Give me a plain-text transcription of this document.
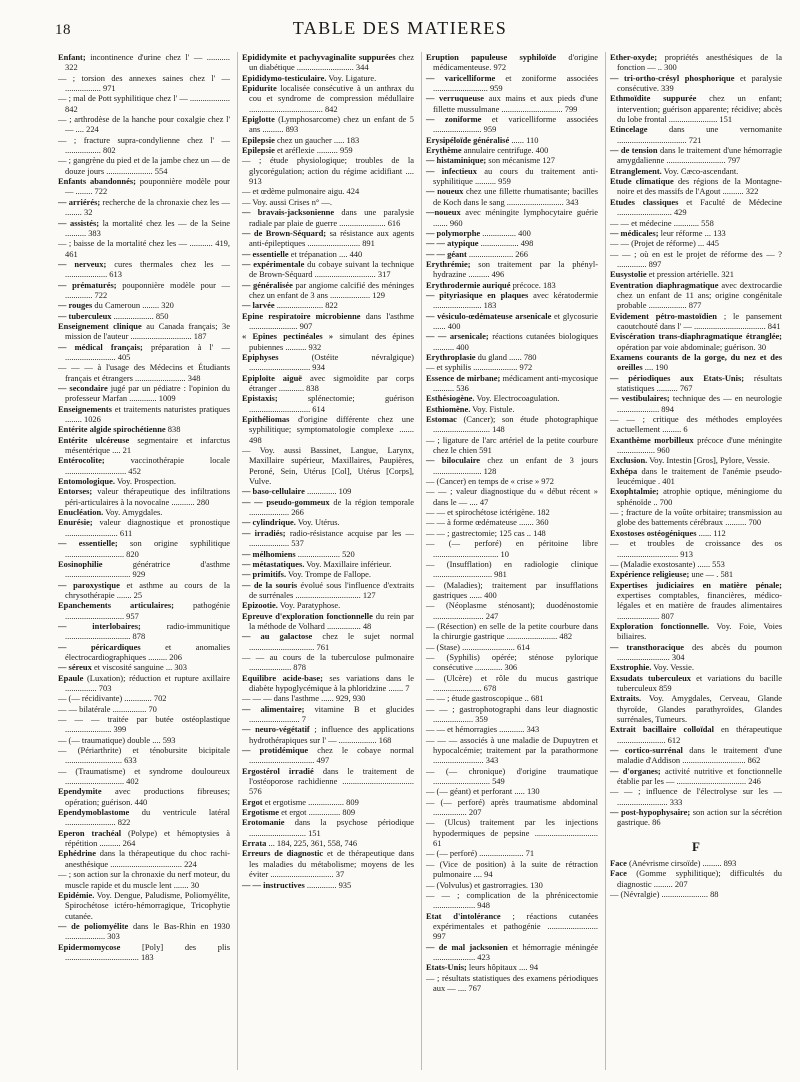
18	TABLE DES MATIERES
Enfant; incontinence d'urine chez l' — ........... 322
— ; torsion des annexes saines chez l' — ................. 971
— ; mal de Pott syphilitique chez l' — ................... 842
— ; arthrodèse de la hanche pour coxalgie chez l' — .... 224
— ; fracture supra-condylienne chez l' — ................. 802
— ; gangrène du pied et de la jambe chez un — de douze jours ...................... 554
Enfants abandonnés; pouponnière modèle pour — ........ 722
— arriérés; recherche de la chronaxie chez les — ........ 32
— assistés; la mortalité chez les — de la Seine .......... 383
— ; baisse de la mortalité chez les — ........... 419, 461
— nerveux; cures thermales chez les — .................... 613
— prématurés; pouponnière modèle pour — ............. 722
— rouges du Cameroun ........ 320
— tuberculeux ................... 850
Enseignement clinique au Canada français; 3e mission de l'auteur ............................. 187
— médical français; préparation à l' — ........................ 405
— — — à l'usage des Médecins et Étudiants français et étrangers ........................ 348
— secondaire jugé par un pédiatre : l'opinion du professeur Marfan ............. 1009
Enseignements et traitements naturistes pratiques ........ 1026
Entérite algide spirochétienne 838
Entérite ulcéreuse segmentaire et infarctus mésentérique .... 21
Entérocolite; vaccinothérapie locale ............................. 452
Entomologique. Voy. Prospection.
Entorses; valeur thérapeutique des infiltrations péri-articulaires à la novocaïne ........... 280
Enucléation. Voy. Amygdales.
Enurésie; valeur diagnostique et pronostique ......................... 611
— essentielle; son origine syphilitique ............................ 820
Eosinophilie génératrice d'asthme ............................... 929
— paroxystique et asthme au cours de la chrysothérapie ....... 25
Epanchements articulaires; pathogénie ............................ 957
— interlobaires; radio-immunitique ............................... 878
— péricardiques et anomalies électrocardiographiques ......... 206
— séreux et viscosité sanguine ... 303
Epaule (Luxation); réduction et rupture axillaire ............... 703
— (— récidivante) ............. 702
— — bilatérale ................ 70
— — — traitée par butée ostéoplastique ...................... 399
— (— traumatique) double .... 593
— (Périarthrite) et ténobursite bicipitale ........................... 633
— (Traumatisme) et syndrome douloureux ............................ 402
Ependymite avec productions fibreuses; opération; guérison. 440
Ependymoblastome du ventricule latéral ........................ 822
Eperon trachéal (Polype) et hémoptysies à répétition .......... 264
Ephédrine dans la thérapeutique du choc rachi-anesthésique .................................. 224
— ; son action sur la chronaxie du nerf moteur, du muscle rapide et du muscle lent ....... 30
Epidémie. Voy. Dengue, Paludisme, Poliomyélite, Spirochétose ictéro-hémorragique, Tricophytie cutanée.
— de poliomyélite dans le Bas-Rhin en 1930 ................... 303
Epidermomycose [Poly] des plis ................................... 183
Epididymite et pachyvaginalite suppurées chez un diabétique ........................... 344
Epididymo-testiculaire. Voy. Ligature.
Epidurite localisée consécutive à un anthrax du cou et syndrome de compression médullaire ................................... 842
Epiglotte (Lymphosarcome) chez un enfant de 5 ans .......... 893
Epilepsie chez un gaucher ..... 183
Epilepsie et aréflexie .......... 959
— ; étude physiologique; troubles de la glycorégulation; action du régime acidifiant .... 913
— et œdème pulmonaire aigu. 424
— Voy. aussi Crises n° —.
— bravais-jacksonienne dans une paralysie radiale par plaie de guerre ...................... 616
— de Brown-Séquard; sa résistance aux agents anti-épileptiques ......................... 891
— essentielle et trépanation .... 440
— expérimentale du cobaye suivant la technique de Brown-Séquard ............................. 317
— généralisée par angiome calcifié des méninges chez un enfant de 3 ans ................... 129
— larvée ...................... 822
Epine respiratoire microbienne dans l'asthme ....................... 907
« Epines pectinéales » simulant des épines pubiennes .......... 932
Epiphyses (Ostéite névralgique) ............................. 934
Epiploïte aiguë avec sigmoïdite par corps étranger ............ 838
Epistaxis; splénectomie; guérison ............................. 614
Epithéliomas d'origine différente chez une syphilitique; symptomatologie complexe ....... 498
— Voy. aussi Bassinet, Langue, Larynx, Maxillaire supérieur, Maxillaires, Paupières, Peroné, Sein, Utérus [Col], Utérus [Corps], Vulve.
— baso-cellulaire .............. 109
— — pseudo-gommeux de la région temporale ................... 266
— cylindrique. Voy. Utérus.
— irradiés; radio-résistance acquise par les — ................... 537
— mélhomiens .................... 520
— métastatiques. Voy. Maxillaire inférieur.
— primitifs. Voy. Trompe de Fallope.
— de la souris évolué sous l'influence d'extraits de surrénales ............................... 127
Epizootie. Voy. Paratyphose.
Epreuve d'exploration fonctionnelle du rein par la méthode de Volhard ................ 48
— au galactose chez le sujet normal ............................... 761
— — au cours de la tuberculose pulmonaire .................... 878
Equilibre acide-base; ses variations dans le diabète hypoglycémique à la phloridzine ....... 7
— — — dans l'asthme ...... 929, 930
— alimentaire; vitamine B et glucides ........................ 7
— neuro-végétatif ; influence des applications hydrothérapiques sur l' — .................. 168
— protidémique chez le cobaye normal ............................... 497
Ergostérol irradié dans le traitement de l'ostéoporose rachidienne .................................. 576
Ergot et ergotisme ................. 809
Ergotisme et ergot ............... 809
Erotomanie dans la psychose périodique ........................... 151
Errata ... 184, 225, 361, 558, 746
Erreurs de diagnostic et de thérapeutique dans les maladies du métabolisme; moyens de les éviter .............................. 37
— — instructives .............. 935
Eruption papuleuse syphiloïde d'origine médicamenteuse. 972
— varicelliforme et zoniforme associées .......................... 959
— verruqueuse aux mains et aux pieds d'une fillette mussulmane ............................. 799
— zoniforme et varicelliforme associées ....................... 959
Erysipéloïde généralisé ...... 110
Erythème annulaire centrifuge. 400
— histaminique; son mécanisme 127
— infectieux au cours du traitement anti-syphilitique .......... 959
— noueux chez une fillette rhumatisante; bacilles de Koch dans le sang ........................... 343
—noueux avec méningite lymphocytaire guérie ....... 960
— polymorphe ................ 400
— — atypique .................. 498
— — géant ..................... 266
Erythrémie; son traitement par la phényl-hydrazine .......... 496
Erythrodermie auriqué précoce. 183
— pityriasique en plaques avec kératodermie ....................... 183
— vésiculo-œdémateuse arsenicale et glycosurie ...... 400
— — arsenicale; réactions cutanées biologiques .......... 400
Erythroplasie du gland ...... 780
— et syphilis ..................... 972
Essence de mirbane; médicament anti-mycosique .......... 536
Esthésiogène. Voy. Electrocoagulation.
Esthiomène. Voy. Fistule.
Estomac (Cancer); son étude photographique ........................... 148
— ; ligature de l'arc artériel de la petite courbure chez le chien 591
— biloculaire chez un enfant de 3 jours ....................... 128
— (Cancer) en temps de « crise » 972
— — ; valeur diagnostique du « début récent » dans le — .... 47
— — et spirochétose ictérigène. 182
— — à forme œdémateuse ....... 360
— — ; gastrectomie; 125 cas .. 148
— (— perforé) en péritoine libre ............................... 10
— (Insufflation) en radiologie clinique ............................ 981
— (Maladies); traitement par insufflations gastriques ...... 400
— (Néoplasme sténosant); duodénostomie ........................ 247
— (Résection) en selle de la petite courbure dans la chirurgie gastrique ........................ 482
— (Stase) ......................... 614
— (Syphilis) opérée; sténose pylorique consécutive ............. 306
— (Ulcère) et rôle du mucus gastrique ....................... 678
— — ; étude gastroscopique .. 681
— — ; gastrophotographi dans leur diagnostic ................... 359
— — et hémorragies ............ 343
— — — associés à une maladie de Dupuytren et hypocalcémie; traitement par la parathormone ........................ 343
— (— chronique) d'origine traumatique ........................... 549
— (— géant) et perforant ..... 130
— (— perforé) après traumatisme abdominal ................ 207
— (Ulcus) traitement par les injections hypodermiques de pepsine .............................. 61
— (— perforé) ..................... 71
— (Vice de position) à la suite de rétraction pulmonaire .... 94
— (Volvulus) et gastrorragies. 130
— — ; complication de la phrénicectomie .................... 948
Etat d'intolérance ; réactions cutanées expérimentales et pathogénie ........................ 997
— de mal jacksonien et hémorragie méningée .................... 423
Etats-Unis; leurs hôpitaux .... 94
— ; résultats statistiques des examens périodiques aux — .... 767
Ether-oxyde; propriétés anesthésiques de la fonction — .. 300
— tri-ortho-crésyl phosphorique et paralysie consécutive. 339
Ethmoïdite suppurée chez un enfant; intervention; guérison apparente; récidive; abcès du lobe frontal ....................... 151
Etincelage dans une vernomanite ................................. 721
— de tension dans le traitement d'une hémorragie amygdalienne ............................ 797
Etranglement. Voy. Cæco-ascendant.
Etude climatique des régions de la Montagne-noire et des massifs de l'Agout .......... 322
Etudes classiques et Faculté de Médecine .......................... 429
— — et médecine ............ 558
— médicales; leur réforme ... 133
— — (Projet de réforme) ... 445
— — ; où en est le projet de réforme des — ? .............. 897
Eusystolie et pression artérielle. 321
Eventration diaphragmatique avec dextrocardie chez un enfant de 11 ans; origine congénitale probable .................. 877
Evidement pétro-mastoïdien ; le pansement caoutchouté dans l' — .................................. 841
Eviscération trans-diaphragmatique étranglée; opération par voie abdominale; guérison. 30
Examens courants de la gorge, du nez et des oreilles .... 190
— périodiques aux Etats-Unis; résultats statistiques .......... 767
— vestibulaires; technique des — en neurologie .................... 894
— — ; critique des méthodes employées actuellement ......... 6
Exanthème morbilleux précoce d'une méningite .................. 960
Exclusion. Voy. Intestin [Gros], Pylore, Vessie.
Exhépa dans le traitement de l'anémie pseudo-leucémique . 401
Exophtalmie; atrophie optique, méningiome du sphénoïde .. 700
— ; fracture de la voûte orbitaire; transmission au globe des battements cérébraux .......... 700
Exostoses ostéogéniques ...... 112
— et troubles de croissance des os ............................. 913
— (Maladie exostosante) ...... 553
Expérience religieuse; une — . 581
Expertises judiciaires en matière pénale; expertises comptables, financières, médico-légales et en matière de fraudes alimentaires .................... 807
Exploration fonctionnelle. Voy. Foie, Voies biliaires.
— transthoracique des abcès du poumon ......................... 304
Exstrophie. Voy. Vessie.
Exsudats tuberculeux et variations du bacille tuberculeux 859
Extraits. Voy. Amygdales, Cerveau, Glande thyroïde, Glandes parathyroïdes, Glandes surrénales, Tumeurs.
Extrait bacillaire colloïdal en thérapeutique ....................... 612
— cortico-surrénal dans le traitement d'une maladie d'Addison .............................. 862
— d'organes; activité nutritive et fonctionnelle établie par les — ................................. 246
— — ; influence de l'électrolyse sur les — ........................ 333
— post-hypophysaire; son action sur la sécrétion gastrique. 86
F
Face (Anévrisme cirsoïde) ......... 893
Face (Gomme syphilitique); difficultés du diagnostic ......... 207
— (Névralgie) ...................... 88
